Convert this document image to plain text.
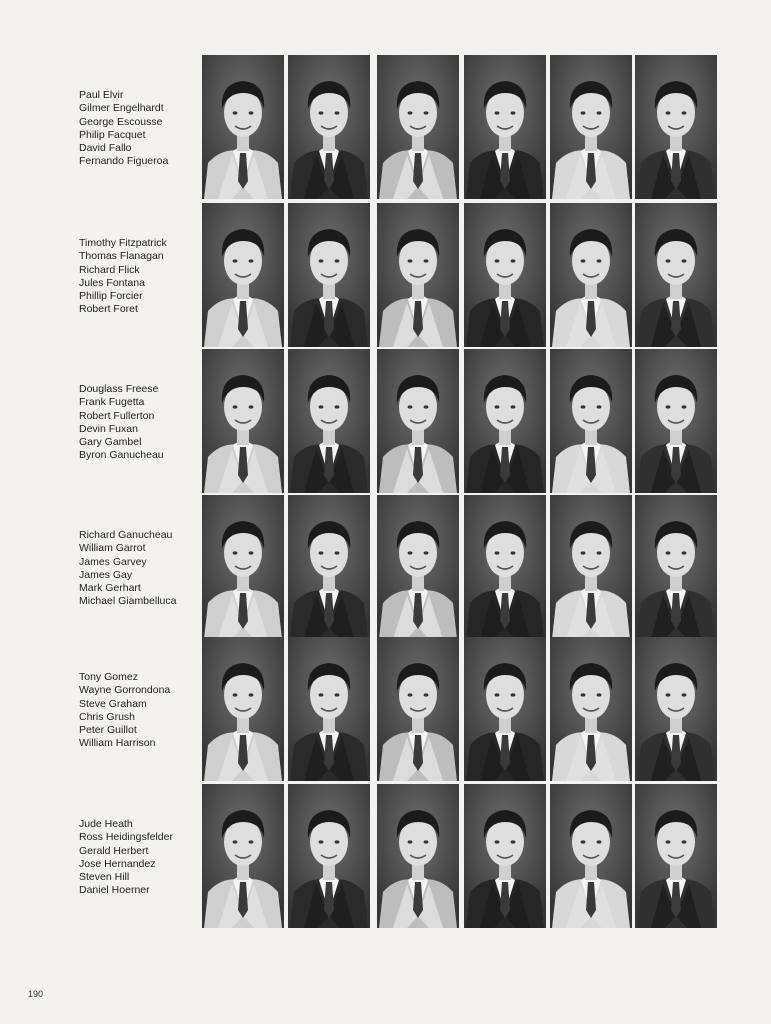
Paul Elvir
Gilmer Engelhardt
George Escousse
Philip Facquet
David Fallo
Fernando Figueroa
Timothy Fitzpatrick
Thomas Flanagan
Richard Flick
Jules Fontana
Phillip Forcier
Robert Foret
Douglass Freese
Frank Fugetta
Robert Fullerton
Devin Fuxan
Gary Gambel
Byron Ganucheau
Richard Ganucheau
William Garrot
James Garvey
James Gay
Mark Gerhart
Michael Giambelluca
Tony Gomez
Wayne Gorrondona
Steve Graham
Chris Grush
Peter Guillot
William Harrison
Jude Heath
Ross Heidingsfelder
Gerald Herbert
Jose Hernandez
Steven Hill
Daniel Hoerner
190
